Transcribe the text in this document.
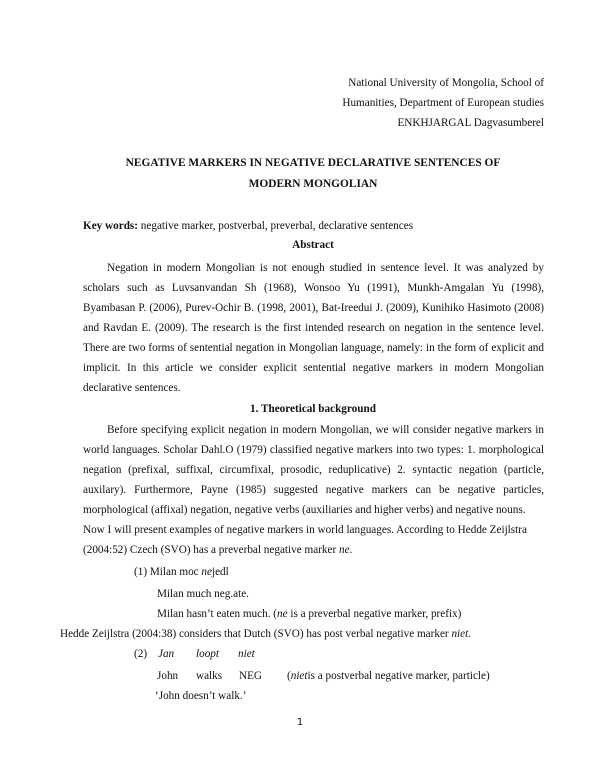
National University of Mongolia, School of
Humanities, Department of European studies
ENKHJARGAL Dagvasumberel
NEGATIVE MARKERS IN NEGATIVE DECLARATIVE SENTENCES OF
MODERN MONGOLIAN
Key words: negative marker, postverbal, preverbal, declarative sentences
Abstract
Negation in modern Mongolian is not enough studied in sentence level. It was analyzed by
scholars such as Luvsanvandan Sh (1968), Wonsoo Yu (1991), Munkh-Amgalan Yu (1998),
Byambasan P. (2006), Purev-Ochir B. (1998, 2001), Bat-Ireedui J. (2009), Kunihiko Hasimoto (2008)
and Ravdan E. (2009). The research is the first intended research on negation in the sentence level.
There are two forms of sentential negation in Mongolian language, namely: in the form of explicit and
implicit. In this article we consider explicit sentential negative markers in modern Mongolian
declarative sentences.
1. Theoretical background
Before specifying explicit negation in modern Mongolian, we will consider negative markers in
world languages. Scholar Dahl.O (1979) classified negative markers into two types: 1. morphological
negation (prefixal, suffixal, circumfixal, prosodic, reduplicative) 2. syntactic negation (particle,
auxilary). Furthermore, Payne (1985) suggested negative markers can be negative particles,
morphological (affixal) negation, negative verbs (auxiliaries and higher verbs) and negative nouns.
Now I will present examples of negative markers in world languages. According to Hedde Zeijlstra
(2004:52) Czech (SVO) has a preverbal negative marker ne.
(1) Milan moc nejedl
Milan much neg.ate.
Milan hasn’t eaten much. (ne is a preverbal negative marker, prefix)
Hedde Zeijlstra (2004:38) considers that Dutch (SVO) has post verbal negative marker niet.
(2) Jan loopt niet
John walks NEG (nietis a postverbal negative marker, particle)
‘John doesn’t walk.’
1
